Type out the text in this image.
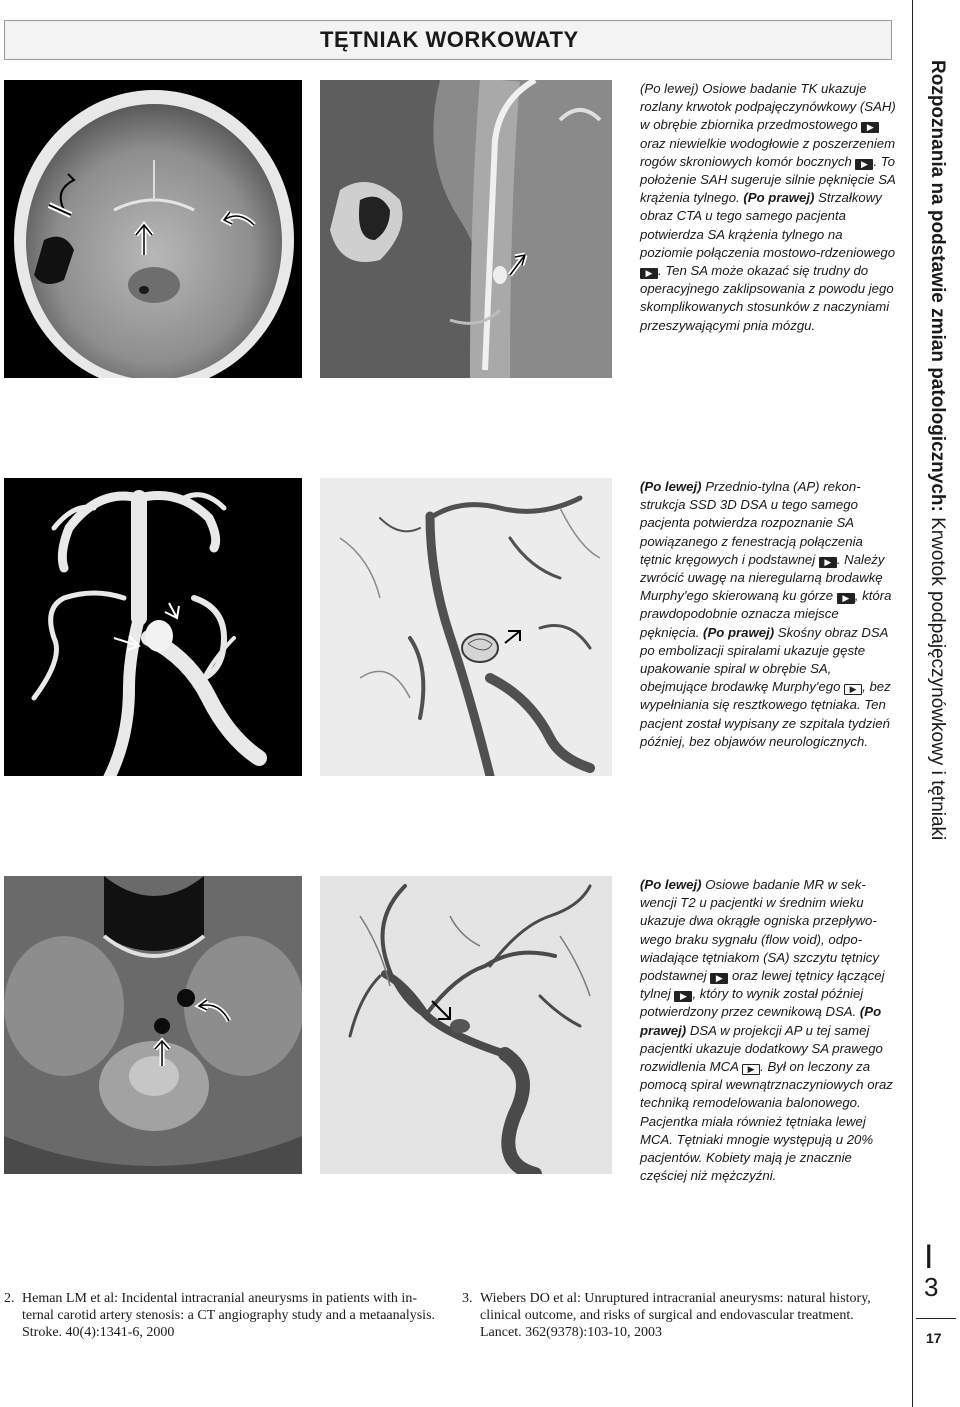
TĘTNIAK WORKOWATY

(Po lewej) Osiowe badanie TK ukazuje rozlany krwotok podpajęczynówkowy (SAH) w obrębie zbiornika przedmostowego ▶ oraz niewielkie wodogłowie z poszerzeniem rogów skroniowych komór bocznych ▶ . To położenie SAH sugeruje silnie pęknięcie SA krążenia tylnego. (Po prawej) Strzałkowy obraz CTA u tego samego pacjenta potwierdza SA krążenia tylnego na poziomie połączenia mostowo-rdzeniowego ▶ . Ten SA może okazać się trudny do operacyjnego zaklipsowania z powodu jego skomplikowanych stosunków z naczyniami przeszywającymi pnia mózgu.

(Po lewej) Przednio-tylna (AP) rekonstrukcja SSD 3D DSA u tego samego pacjenta potwierdza rozpoznanie SA powiązanego z fenestracją połączenia tętnic kręgowych i podstawnej ▶ . Należy zwrócić uwagę na nieregularną brodawkę Murphy'ego skierowaną ku górze ▶ , która prawdopodobnie oznacza miejsce pęknięcia. (Po prawej) Skośny obraz DSA po embolizacji spiralami ukazuje gęste upakowanie spiral w obrębie SA, obejmujące brodawkę Murphy'ego ▶ , bez wypełniania się resztkowego tętniaka. Ten pacjent został wypisany ze szpitala tydzień później, bez objawów neurologicznych.

(Po lewej) Osiowe badanie MR w sekwencji T2 u pacjentki w średnim wieku ukazuje dwa okrągłe ogniska przepływowego braku sygnału (flow void), odpowiadające tętniakom (SA) szczytu tętnicy podstawnej ▶ oraz lewej tętnicy łączącej tylnej ▶ , który to wynik został później potwierdzony przez cewnikową DSA. (Po prawej) DSA w projekcji AP u tej samej pacjentki ukazuje dodatkowy SA prawego rozwidlenia MCA ▶ . Był on leczony za pomocą spiral wewnątrznaczyniowych oraz techniką remodelowania balonowego. Pacjentka miała również tętniaka lewej MCA. Tętniaki mnogie występują u 20% pacjentów. Kobiety mają je znacznie częściej niż mężczyźni.

2. Heman LM et al: Incidental intracranial aneurysms in patients with internal carotid artery stenosis: a CT angiography study and a metaanalysis. Stroke. 40(4):1341-6, 2000
3. Wiebers DO et al: Unruptured intracranial aneurysms: natural history, clinical outcome, and risks of surgical and endovascular treatment. Lancet. 362(9378):103-10, 2003
Rozpoznania na podstawie zmian patologicznych: Krwotok podpajęczynówkowy i tętniaki
I
3
17
